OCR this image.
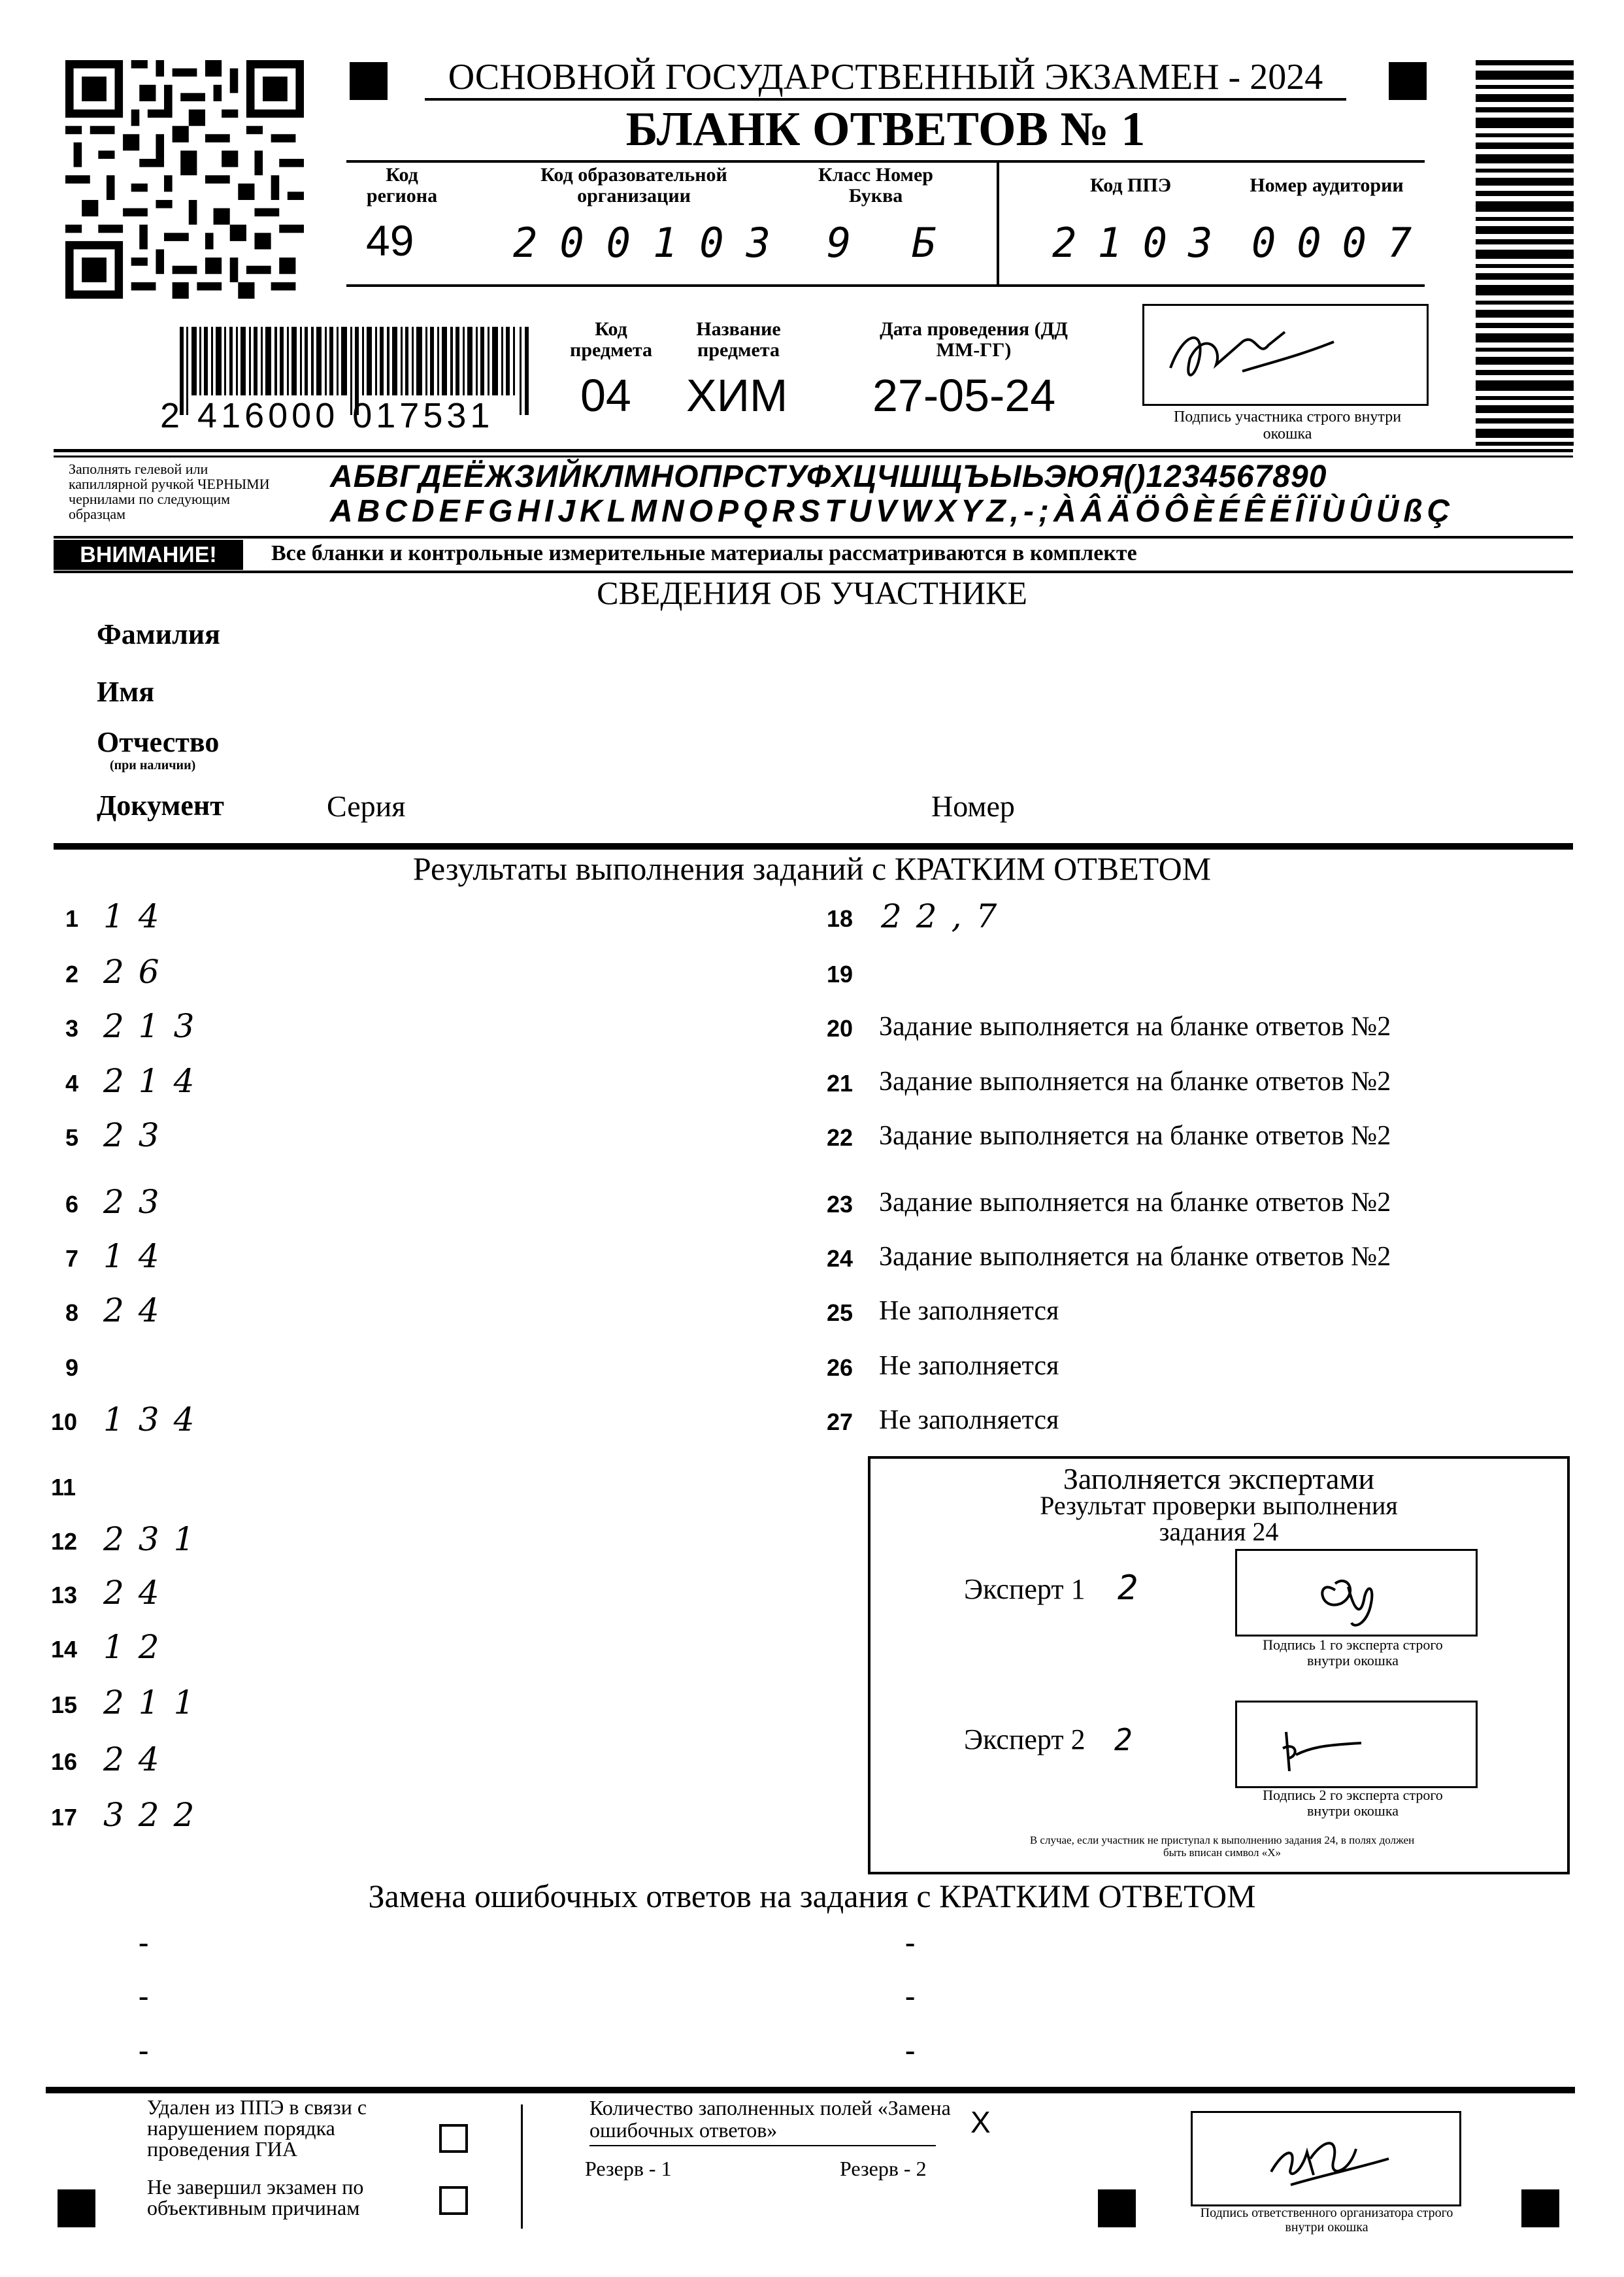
ОСНОВНОЙ ГОСУДАРСТВЕННЫЙ ЭКЗАМЕН - 2024
БЛАНК ОТВЕТОВ № 1
Код региона
49
Код образовательной организации
200103
Класс Номер Буква
9 Б
Код ППЭ
2103
Номер аудитории
0007
2 416000 017531
Код предмета
04
Название предмета
ХИМ
Дата проведения (ДД ММ-ГГ)
27-05-24	Подпись участника строго внутри окошка
Заполнять гелевой или капиллярной ручкой ЧЕРНЫМИ чернилами по следующим образцам
АБВГДЕЁЖЗИЙКЛМНОПРСТУФХЦЧШЩЪЫЬЭЮЯ()1234567890
ABCDEFGHIJKLMNOPQRSTUVWXYZ,-;ÀÂÄÖÔÈÉÊËÎÏÙÛÜßÇ
ВНИМАНИЕ!	Все бланки и контрольные измерительные материалы рассматриваются в комплекте
СВЕДЕНИЯ ОБ УЧАСТНИКЕ
Фамилия
Имя
Отчество
(при наличии)
Документ	Серия	Номер
Результаты выполнения заданий с КРАТКИМ ОТВЕТОМ
1 14
2 26
3 213
4 214
5 23
6 23
7 14
8 24
9
10 134
11
12 231
13 24
14 12
15 211
16 24
17 322
18 22,7
19
20 Задание выполняется на бланке ответов №2
21 Задание выполняется на бланке ответов №2
22 Задание выполняется на бланке ответов №2
23 Задание выполняется на бланке ответов №2
24 Задание выполняется на бланке ответов №2
25 Не заполняется
26 Не заполняется
27 Не заполняется
Заполняется экспертами
Результат проверки выполнения задания 24
Эксперт 1 2
Подпись 1 го эксперта строго внутри окошка
Эксперт 2 2
Подпись 2 го эксперта строго внутри окошка
В случае, если участник не приступал к выполнению задания 24, в полях должен быть вписан символ «Х»
Замена ошибочных ответов на задания с КРАТКИМ ОТВЕТОМ
-
-
-
-
-
-
Удален из ППЭ в связи с нарушением порядка проведения ГИА
Не завершил экзамен по объективным причинам
Количество заполненных полей «Замена ошибочных ответов»	X
Резерв - 1	Резерв - 2
Подпись ответственного организатора строго внутри окошка
